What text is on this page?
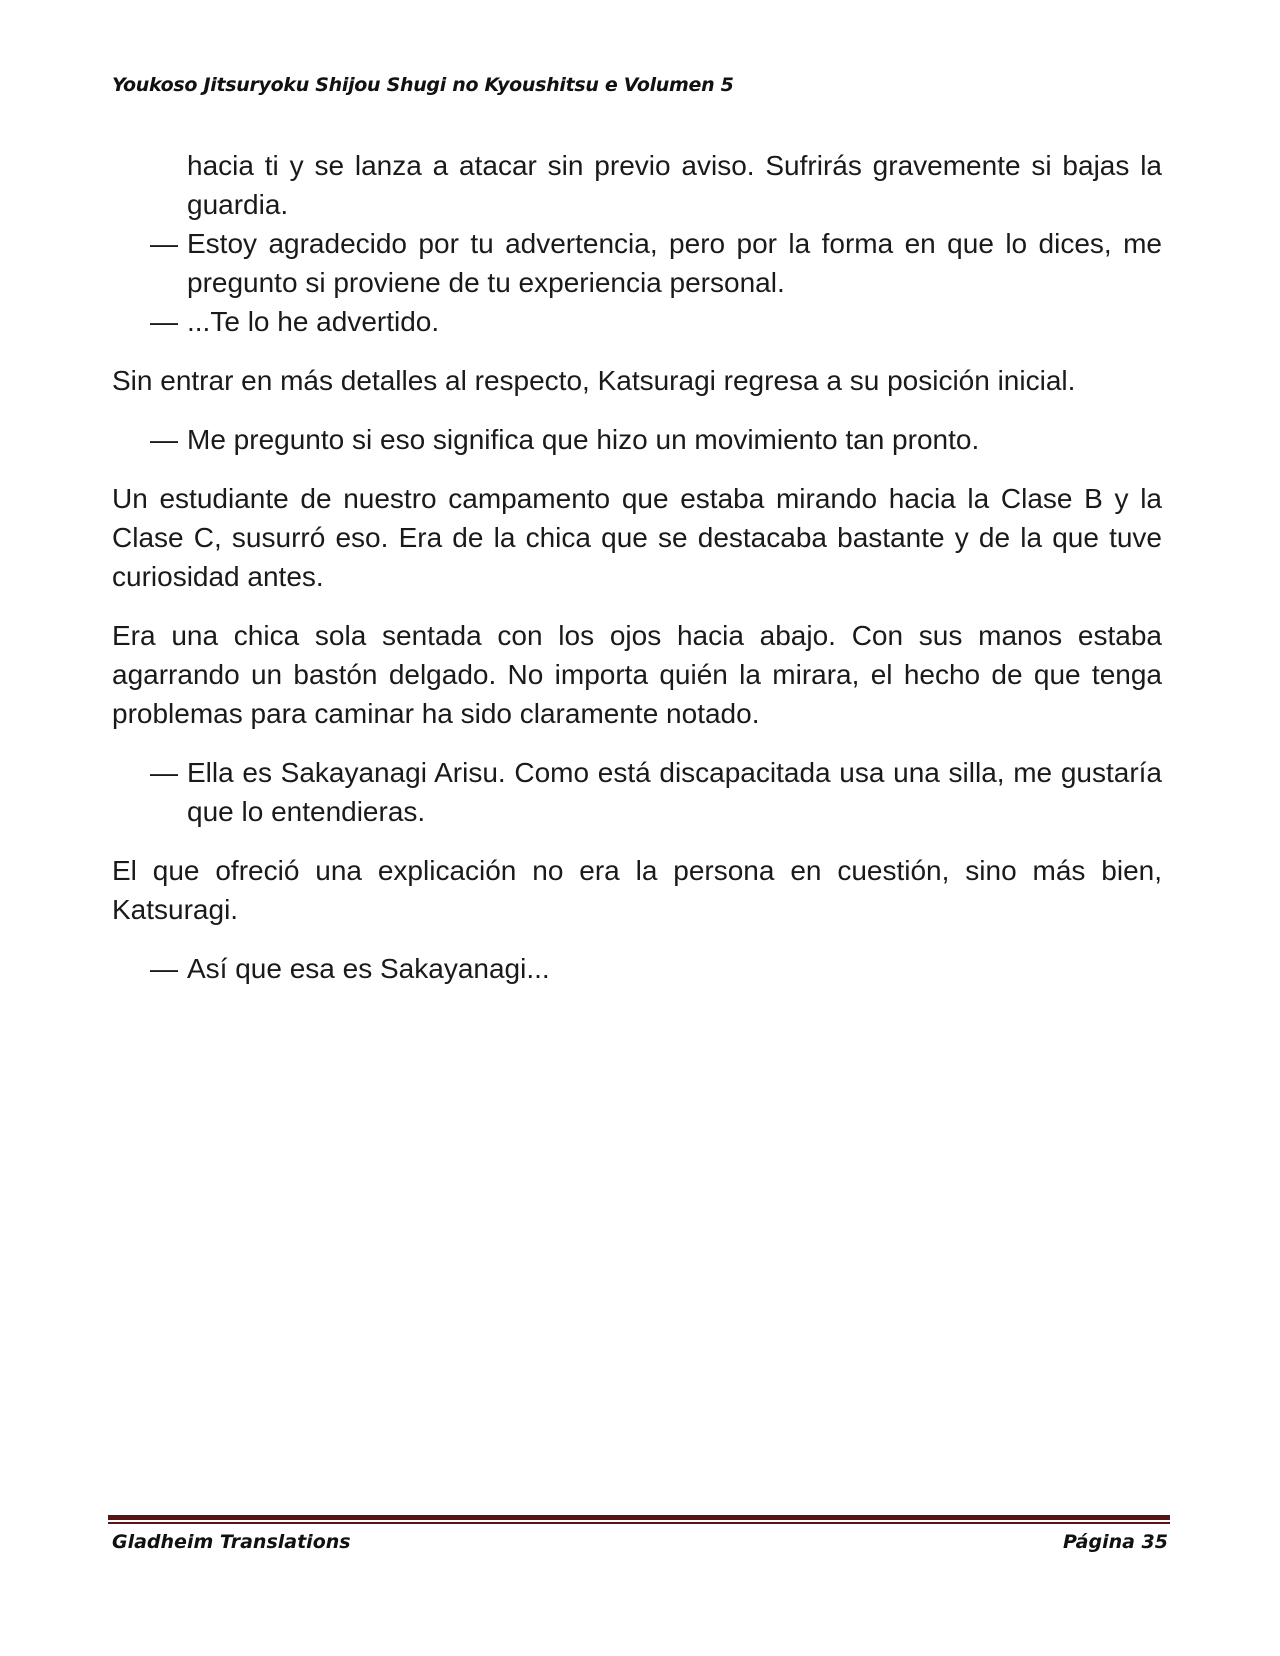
Youkoso Jitsuryoku Shijou Shugi no Kyoushitsu e Volumen 5
hacia ti y se lanza a atacar sin previo aviso. Sufrirás gravemente si bajas la guardia.
— Estoy agradecido por tu advertencia, pero por la forma en que lo dices, me pregunto si proviene de tu experiencia personal.
— ...Te lo he advertido.

Sin entrar en más detalles al respecto, Katsuragi regresa a su posición inicial.

— Me pregunto si eso significa que hizo un movimiento tan pronto.

Un estudiante de nuestro campamento que estaba mirando hacia la Clase B y la Clase C, susurró eso. Era de la chica que se destacaba bastante y de la que tuve curiosidad antes.

Era una chica sola sentada con los ojos hacia abajo. Con sus manos estaba agarrando un bastón delgado. No importa quién la mirara, el hecho de que tenga problemas para caminar ha sido claramente notado.

— Ella es Sakayanagi Arisu. Como está discapacitada usa una silla, me gustaría que lo entendieras.

El que ofreció una explicación no era la persona en cuestión, sino más bien, Katsuragi.

— Así que esa es Sakayanagi...
Gladheim Translations	Página 35
